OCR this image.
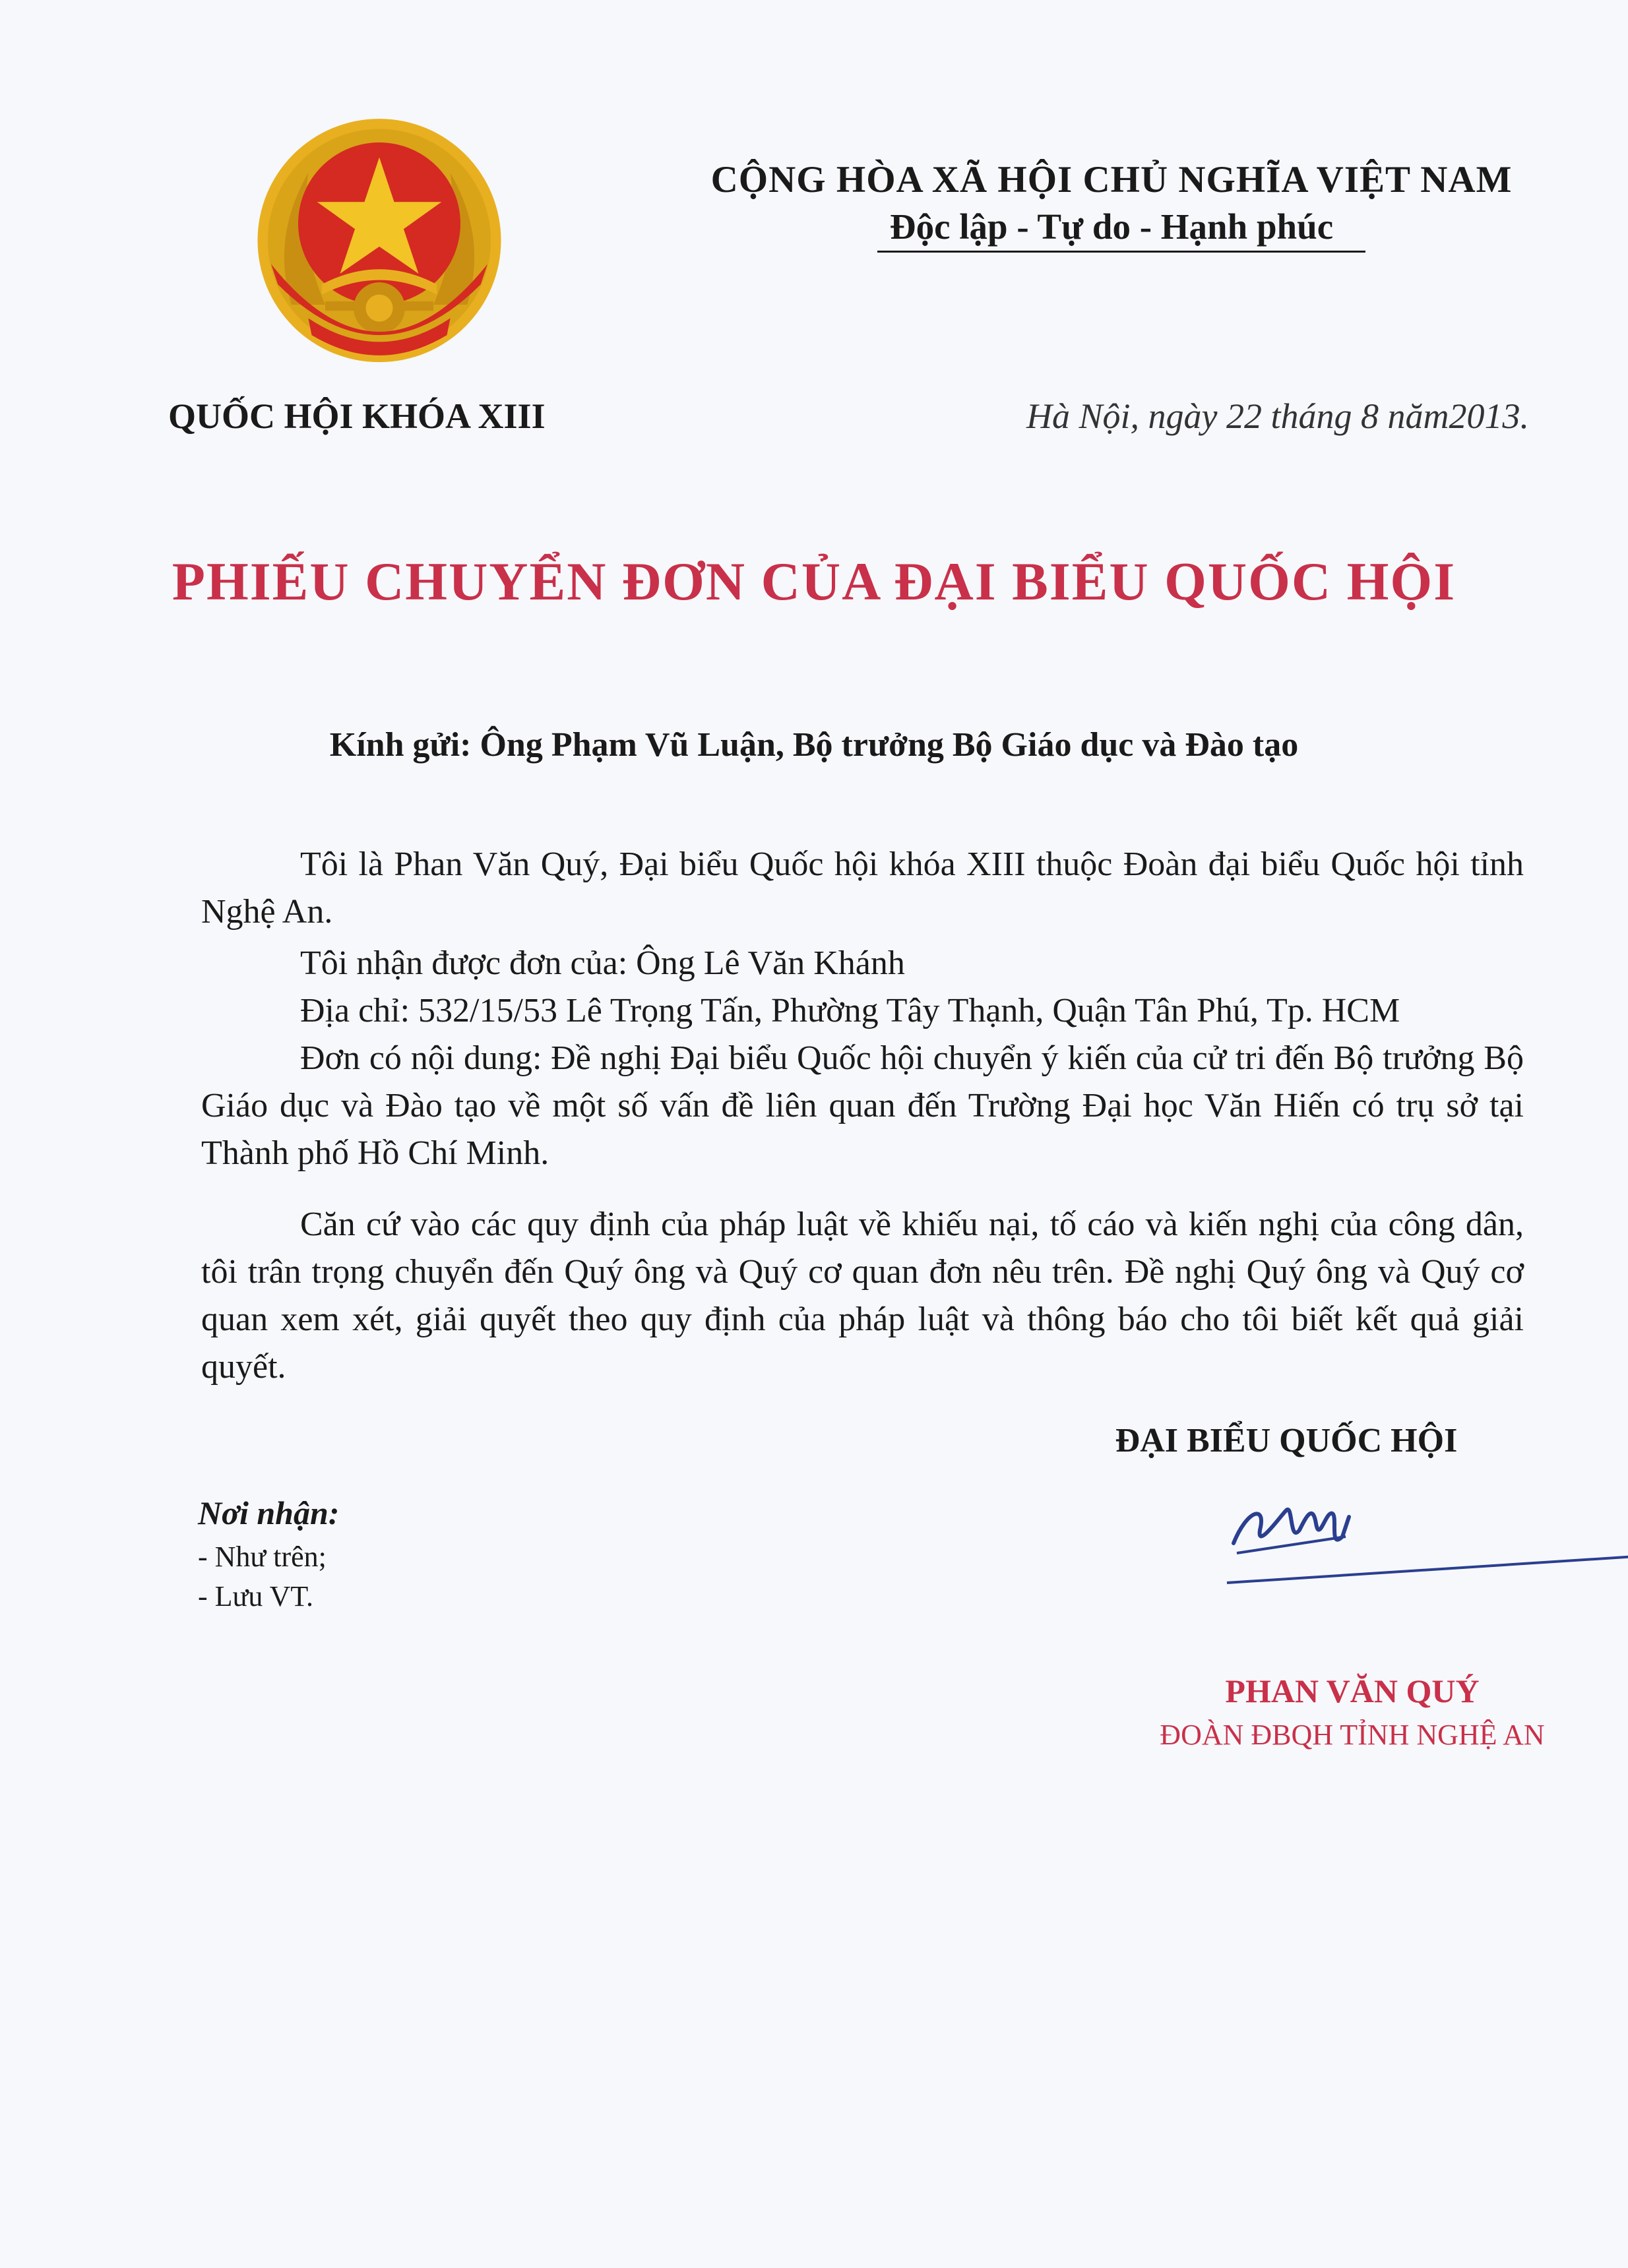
CỘNG HÒA XÃ HỘI CHỦ NGHĨA VIỆT NAM
Độc lập - Tự do - Hạnh phúc
QUỐC HỘI KHÓA XIII	Hà Nội, ngày 22 tháng 8 năm2013.
PHIẾU CHUYỂN ĐƠN CỦA ĐẠI BIỂU QUỐC HỘI
Kính gửi: Ông Phạm Vũ Luận, Bộ trưởng Bộ Giáo dục và Đào tạo

Tôi là Phan Văn Quý, Đại biểu Quốc hội khóa XIII thuộc Đoàn đại biểu Quốc hội tỉnh Nghệ An.

Tôi nhận được đơn của: Ông Lê Văn Khánh

Địa chỉ: 532/15/53 Lê Trọng Tấn, Phường Tây Thạnh, Quận Tân Phú, Tp. HCM

Đơn có nội dung: Đề nghị Đại biểu Quốc hội chuyển ý kiến của cử tri đến Bộ trưởng Bộ Giáo dục và Đào tạo về một số vấn đề liên quan đến Trường Đại học Văn Hiến có trụ sở tại Thành phố Hồ Chí Minh.

Căn cứ vào các quy định của pháp luật về khiếu nại, tố cáo và kiến nghị của công dân, tôi trân trọng chuyển đến Quý ông và Quý cơ quan đơn nêu trên. Đề nghị Quý ông và Quý cơ quan xem xét, giải quyết theo quy định của pháp luật và thông báo cho tôi biết kết quả giải quyết.

ĐẠI BIỂU QUỐC HỘI
Nơi nhận:
- Như trên;
- Lưu VT.
PHAN VĂN QUÝ
ĐOÀN ĐBQH TỈNH NGHỆ AN
